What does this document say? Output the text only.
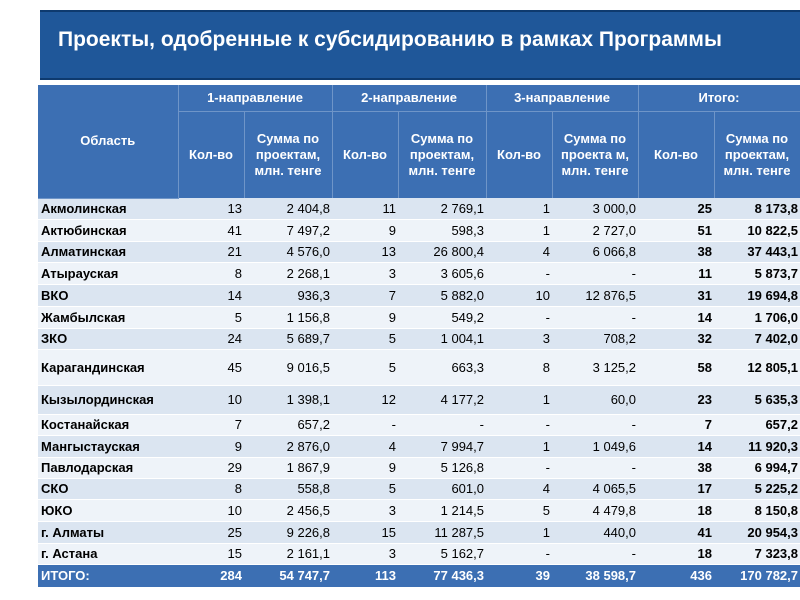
Проекты, одобренные к субсидированию в рамках Программы
Область	1-направление		2-направление		3-направление		Итого:	
	Кол-во	Сумма по проектам, млн. тенге	Кол-во	Сумма по проектам, млн. тенге	Кол-во	Сумма по проекта м, млн. тенге	Кол-во	Сумма по проектам, млн. тенге
Акмолинская	13	2 404,8	11	2 769,1	1	3 000,0	25	8 173,8
Актюбинская	41	7 497,2	9	598,3	1	2 727,0	51	10 822,5
Алматинская	21	4 576,0	13	26 800,4	4	6 066,8	38	37 443,1
Атырауская	8	2 268,1	3	3 605,6	-	-	11	5 873,7
ВКО	14	936,3	7	5 882,0	10	12 876,5	31	19 694,8
Жамбылская	5	1 156,8	9	549,2	-	-	14	1 706,0
ЗКО	24	5 689,7	5	1 004,1	3	708,2	32	7 402,0
Карагандинская	45	9 016,5	5	663,3	8	3 125,2	58	12 805,1
Кызылординская	10	1 398,1	12	4 177,2	1	60,0	23	5 635,3
Костанайская	7	657,2	-	-	-	-	7	657,2
Мангыстауская	9	2 876,0	4	7 994,7	1	1 049,6	14	11 920,3
Павлодарская	29	1 867,9	9	5 126,8	-	-	38	6 994,7
СКО	8	558,8	5	601,0	4	4 065,5	17	5 225,2
ЮКО	10	2 456,5	3	1 214,5	5	4 479,8	18	8 150,8
г. Алматы	25	9 226,8	15	11 287,5	1	440,0	41	20 954,3
г. Астана	15	2 161,1	3	5 162,7	-	-	18	7 323,8
ИТОГО:	284	54 747,7	113	77 436,3	39	38 598,7	436	170 782,7
